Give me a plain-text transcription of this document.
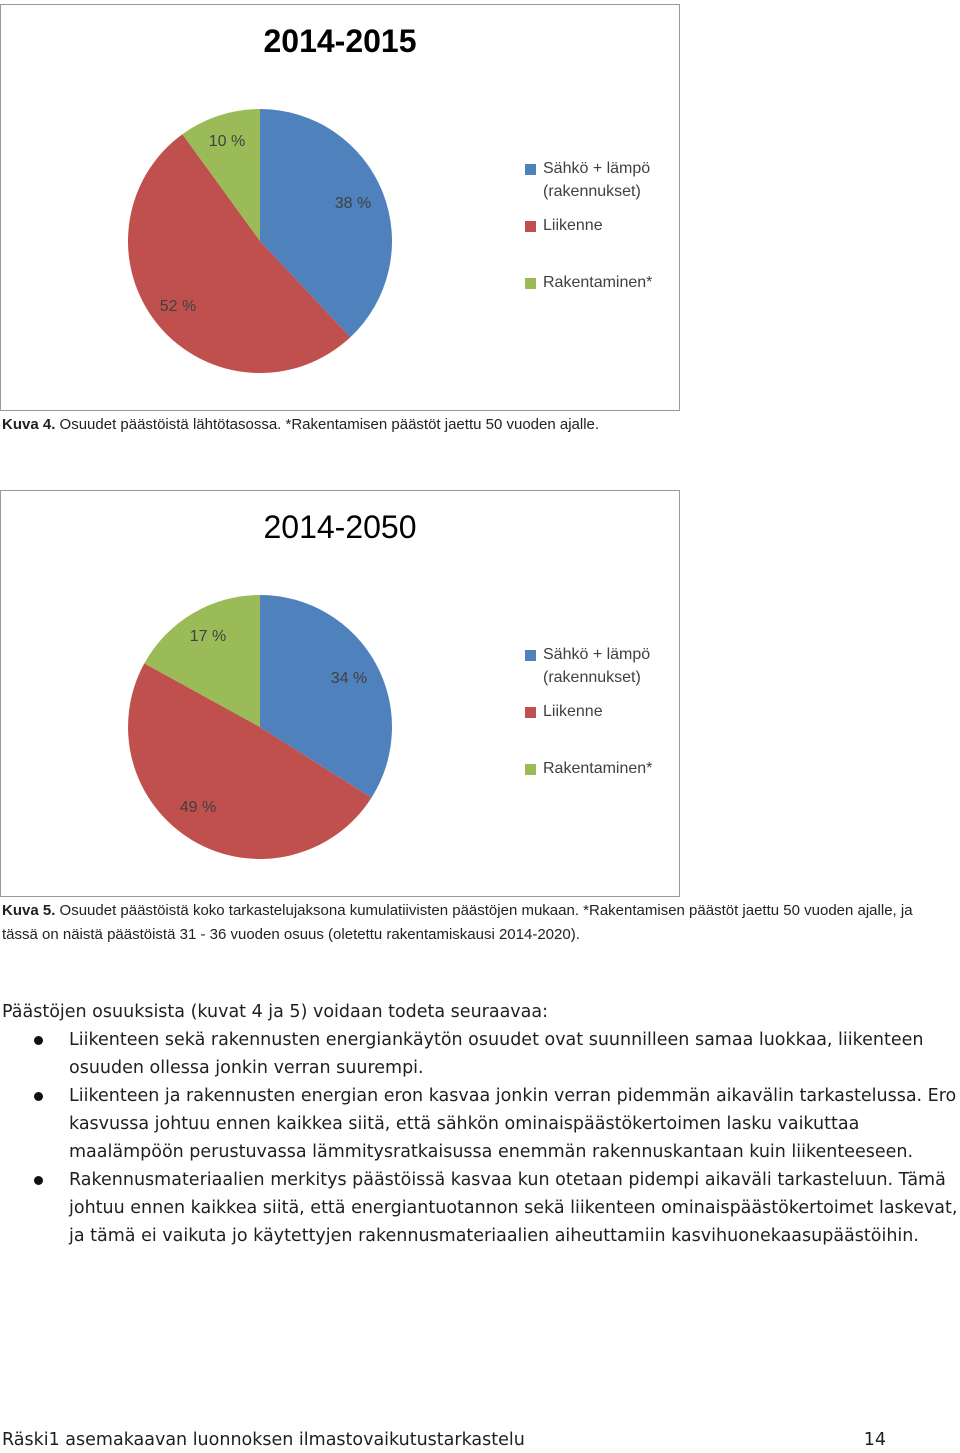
2014-2015
38 %
52 %
10 %
Sähkö + lämpö (rakennukset)
Liikenne
Rakentaminen*
Kuva 4. Osuudet päästöistä lähtötasossa. *Rakentamisen päästöt jaettu 50 vuoden ajalle.
2014-2050
34 %
49 %
17 %
Sähkö + lämpö (rakennukset)
Liikenne
Rakentaminen*
Kuva 5. Osuudet päästöistä koko tarkastelujaksona kumulatiivisten päästöjen mukaan. *Rakentamisen päästöt jaettu 50 vuoden ajalle, ja tässä on näistä päästöistä 31 - 36 vuoden osuus (oletettu rakentamiskausi 2014-2020).
Päästöjen osuuksista (kuvat 4 ja 5) voidaan todeta seuraavaa:
Liikenteen sekä rakennusten energiankäytön osuudet ovat suunnilleen samaa luokkaa, liikenteen osuuden ollessa jonkin verran suurempi.
Liikenteen ja rakennusten energian eron kasvaa jonkin verran pidemmän aikavälin tarkastelussa. Ero kasvussa johtuu ennen kaikkea siitä, että sähkön ominaispäästökertoimen lasku vaikuttaa maalämpöön perustuvassa lämmitysratkaisussa enemmän rakennuskantaan kuin liikenteeseen.
Rakennusmateriaalien merkitys päästöissä kasvaa kun otetaan pidempi aikaväli tarkasteluun. Tämä johtuu ennen kaikkea siitä, että energiantuotannon sekä liikenteen ominaispäästökertoimet laskevat, ja tämä ei vaikuta jo käytettyjen rakennusmateriaalien aiheuttamiin kasvihuonekaasupäästöihin.
Räski1 asemakaavan luonnoksen ilmastovaikutustarkastelu	14
